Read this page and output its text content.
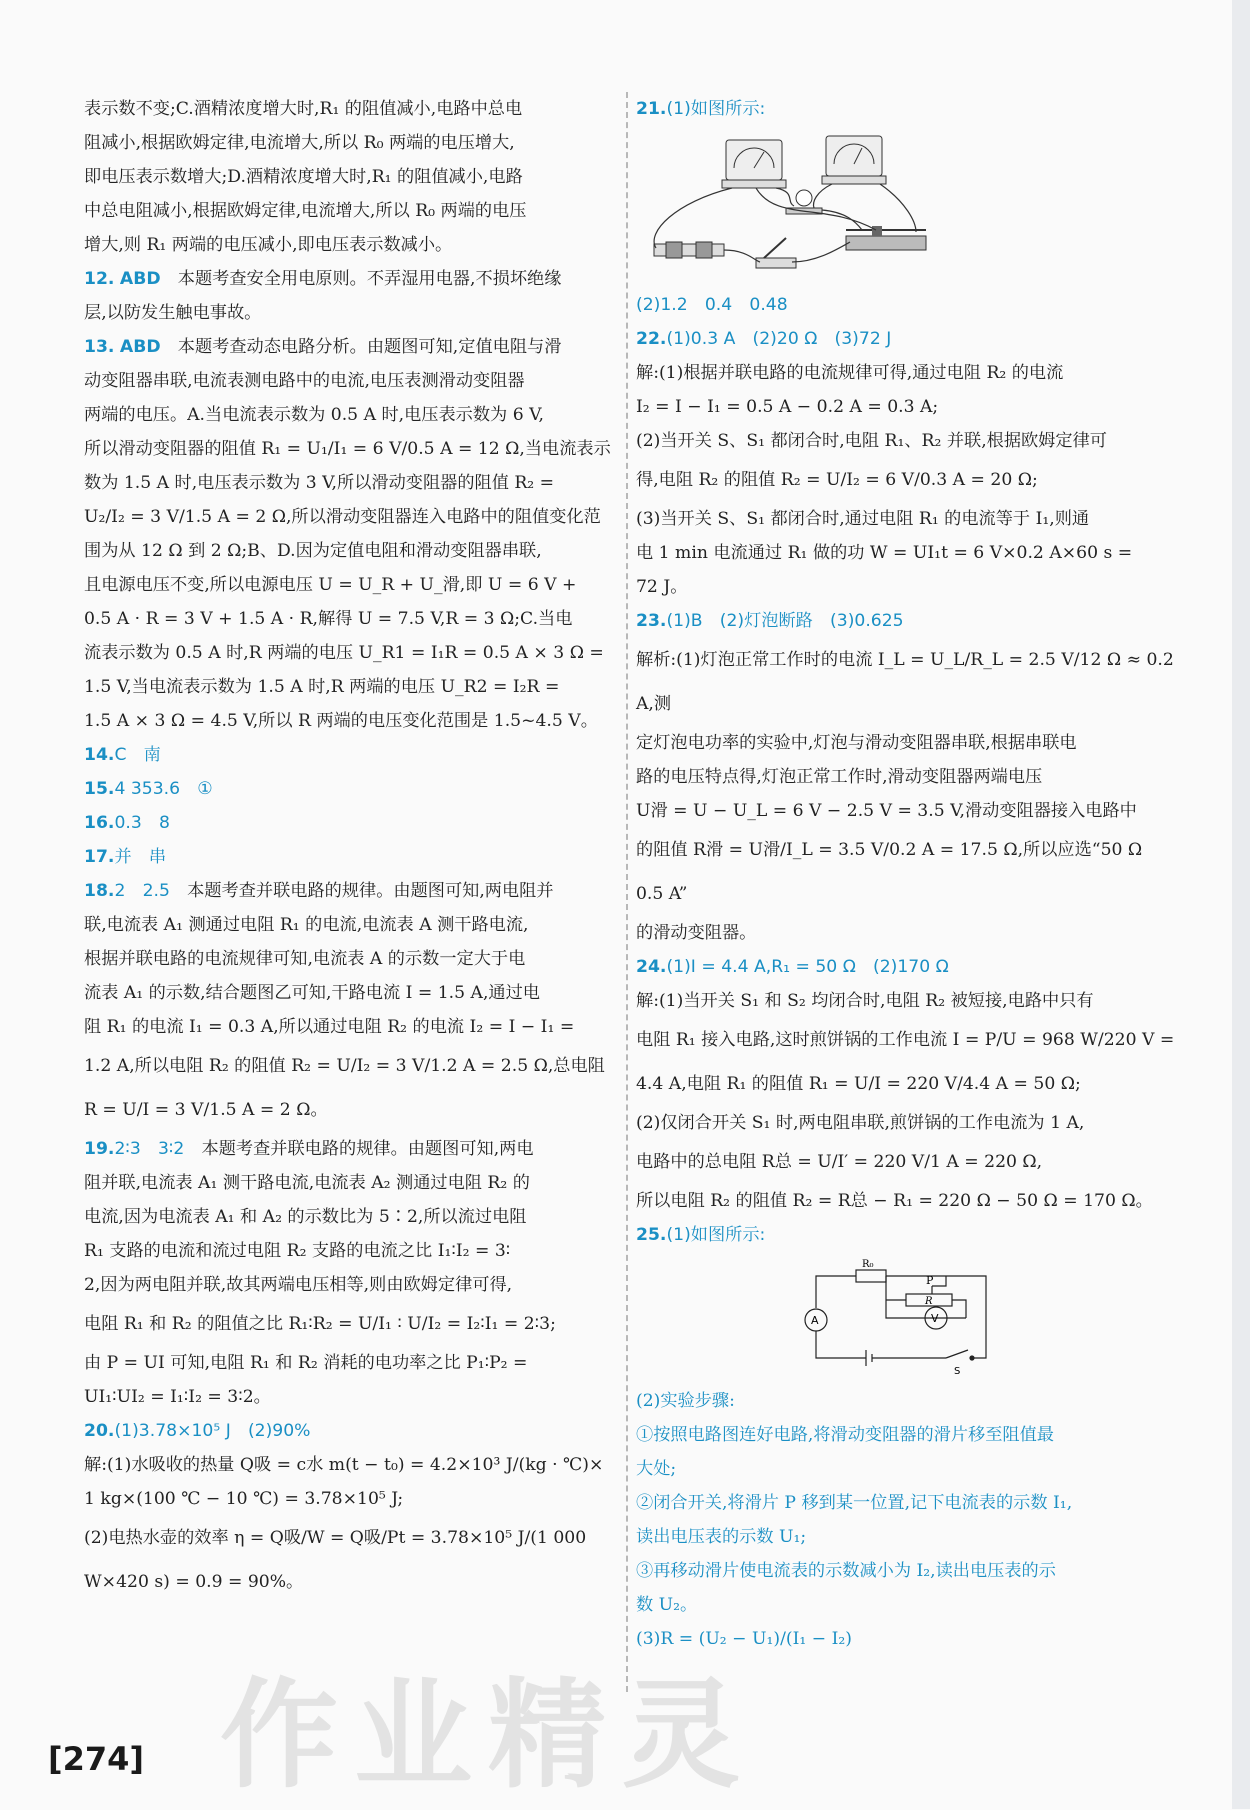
表示数不变;C.酒精浓度增大时,R₁ 的阻值减小,电路中总电
阻减小,根据欧姆定律,电流增大,所以 R₀ 两端的电压增大,
即电压表示数增大;D.酒精浓度增大时,R₁ 的阻值减小,电路
中总电阻减小,根据欧姆定律,电流增大,所以 R₀ 两端的电压
增大,则 R₁ 两端的电压减小,即电压表示数减小。
12. ABD　 本题考查安全用电原则。不弄湿用电器,不损坏绝缘
层,以防发生触电事故。
13. ABD　 本题考查动态电路分析。由题图可知,定值电阻与滑
动变阻器串联,电流表测电路中的电流,电压表测滑动变阻器
两端的电压。A.当电流表示数为 0.5 A 时,电压表示数为 6 V,
所以滑动变阻器的阻值 R₁ = U₁/I₁ = 6 V/0.5 A = 12 Ω,当电流表示
数为 1.5 A 时,电压表示数为 3 V,所以滑动变阻器的阻值 R₂ =
U₂/I₂ = 3 V/1.5 A = 2 Ω,所以滑动变阻器连入电路中的阻值变化范
围为从 12 Ω 到 2 Ω;B、D.因为定值电阻和滑动变阻器串联,
且电源电压不变,所以电源电压 U = U_R + U_滑,即 U = 6 V +
0.5 A · R = 3 V + 1.5 A · R,解得 U = 7.5 V,R = 3 Ω;C.当电
流表示数为 0.5 A 时,R 两端的电压 U_R1 = I₁R = 0.5 A × 3 Ω =
1.5 V,当电流表示数为 1.5 A 时,R 两端的电压 U_R2 = I₂R =
1.5 A × 3 Ω = 4.5 V,所以 R 两端的电压变化范围是 1.5~4.5 V。
14.C　南
15.4 353.6　①
16.0.3　8
17.并　串
18.2　2.5　 本题考查并联电路的规律。由题图可知,两电阻并
联,电流表 A₁ 测通过电阻 R₁ 的电流,电流表 A 测干路电流,
根据并联电路的电流规律可知,电流表 A 的示数一定大于电
流表 A₁ 的示数,结合题图乙可知,干路电流 I = 1.5 A,通过电
阻 R₁ 的电流 I₁ = 0.3 A,所以通过电阻 R₂ 的电流 I₂ = I − I₁ =
1.2 A,所以电阻 R₂ 的阻值 R₂ = U/I₂ = 3 V/1.2 A = 2.5 Ω,总电阻
R = U/I = 3 V/1.5 A = 2 Ω。
19.2∶3　3∶2　 本题考查并联电路的规律。由题图可知,两电
阻并联,电流表 A₁ 测干路电流,电流表 A₂ 测通过电阻 R₂ 的
电流,因为电流表 A₁ 和 A₂ 的示数比为 5∶2,所以流过电阻
R₁ 支路的电流和流过电阻 R₂ 支路的电流之比 I₁∶I₂ = 3∶
2,因为两电阻并联,故其两端电压相等,则由欧姆定律可得,
电阻 R₁ 和 R₂ 的阻值之比 R₁∶R₂ = U/I₁ ∶ U/I₂ = I₂∶I₁ = 2∶3;
由 P = UI 可知,电阻 R₁ 和 R₂ 消耗的电功率之比 P₁∶P₂ =
UI₁∶UI₂ = I₁∶I₂ = 3∶2。
20.(1)3.78×10⁵ J　(2)90%
解:(1)水吸收的热量 Q吸 = c水 m(t − t₀) = 4.2×10³ J/(kg · ℃)×
1 kg×(100 ℃ − 10 ℃) = 3.78×10⁵ J;
(2)电热水壶的效率 η = Q吸/W = Q吸/Pt = 3.78×10⁵ J/(1 000 W×420 s) = 0.9 = 90%。
21.(1)如图所示:
(2)1.2　0.4　0.48
22.(1)0.3 A　(2)20 Ω　(3)72 J
解:(1)根据并联电路的电流规律可得,通过电阻 R₂ 的电流
I₂ = I − I₁ = 0.5 A − 0.2 A = 0.3 A;
(2)当开关 S、S₁ 都闭合时,电阻 R₁、R₂ 并联,根据欧姆定律可
得,电阻 R₂ 的阻值 R₂ = U/I₂ = 6 V/0.3 A = 20 Ω;
(3)当开关 S、S₁ 都闭合时,通过电阻 R₁ 的电流等于 I₁,则通
电 1 min 电流通过 R₁ 做的功 W = UI₁t = 6 V×0.2 A×60 s =
72 J。
23.(1)B　(2)灯泡断路　(3)0.625
解析:(1)灯泡正常工作时的电流 I_L = U_L/R_L = 2.5 V/12 Ω ≈ 0.2 A,测
定灯泡电功率的实验中,灯泡与滑动变阻器串联,根据串联电
路的电压特点得,灯泡正常工作时,滑动变阻器两端电压
U滑 = U − U_L = 6 V − 2.5 V = 3.5 V,滑动变阻器接入电路中
的阻值 R滑 = U滑/I_L = 3.5 V/0.2 A = 17.5 Ω,所以应选“50 Ω　0.5 A”
的滑动变阻器。
24.(1)I = 4.4 A,R₁ = 50 Ω　(2)170 Ω
解:(1)当开关 S₁ 和 S₂ 均闭合时,电阻 R₂ 被短接,电路中只有
电阻 R₁ 接入电路,这时煎饼锅的工作电流 I = P/U = 968 W/220 V =
4.4 A,电阻 R₁ 的阻值 R₁ = U/I = 220 V/4.4 A = 50 Ω;
(2)仅闭合开关 S₁ 时,两电阻串联,煎饼锅的工作电流为 1 A,
电路中的总电阻 R总 = U/I′ = 220 V/1 A = 220 Ω,
所以电阻 R₂ 的阻值 R₂ = R总 − R₁ = 220 Ω − 50 Ω = 170 Ω。
25.(1)如图所示:
R₀
P
R
A	V
S
(2)实验步骤:
①按照电路图连好电路,将滑动变阻器的滑片移至阻值最
大处;
②闭合开关,将滑片 P 移到某一位置,记下电流表的示数 I₁,
读出电压表的示数 U₁;
③再移动滑片使电流表的示数减小为 I₂,读出电压表的示
数 U₂。
(3)R = (U₂ − U₁)/(I₁ − I₂)
[274] 作业精灵
